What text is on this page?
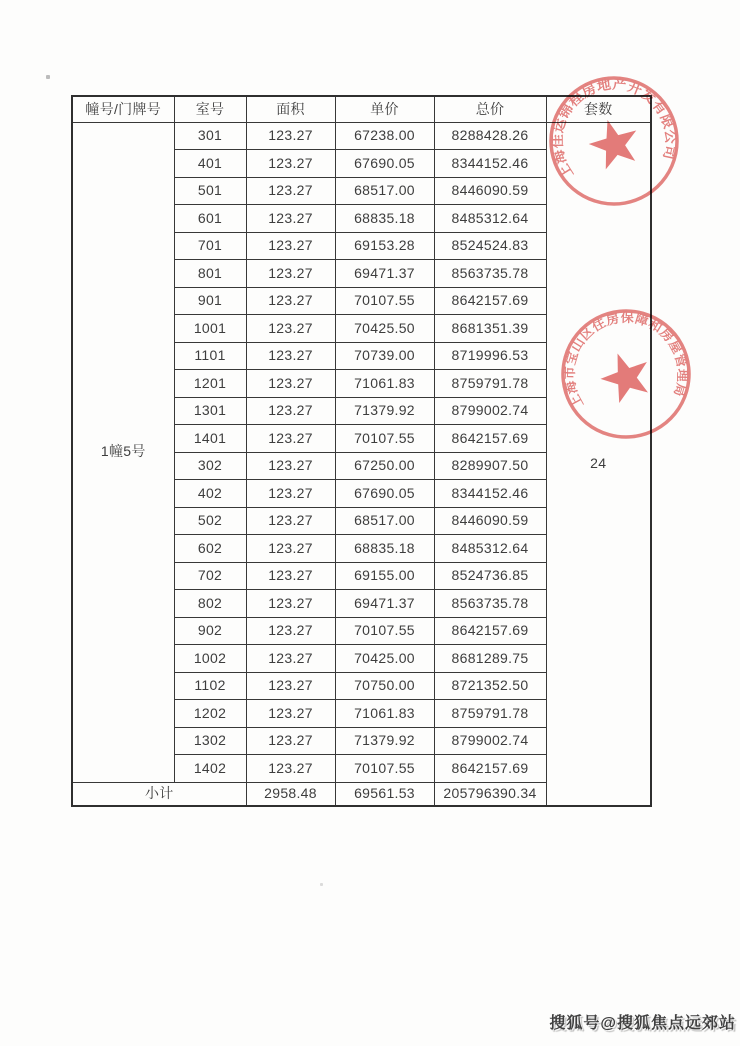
幢号/门牌号	室号	面积	单价	总价	套数
1幢5号	301	123.27	67238.00	8288428.26	24
	401	123.27	67690.05	8344152.46	
	501	123.27	68517.00	8446090.59	
	601	123.27	68835.18	8485312.64	
	701	123.27	69153.28	8524524.83	
	801	123.27	69471.37	8563735.78	
	901	123.27	70107.55	8642157.69	
	1001	123.27	70425.50	8681351.39	
	1101	123.27	70739.00	8719996.53	
	1201	123.27	71061.83	8759791.78	
	1301	123.27	71379.92	8799002.74	
	1401	123.27	70107.55	8642157.69	
	302	123.27	67250.00	8289907.50	
	402	123.27	67690.05	8344152.46	
	502	123.27	68517.00	8446090.59	
	602	123.27	68835.18	8485312.64	
	702	123.27	69155.00	8524736.85	
	802	123.27	69471.37	8563735.78	
	902	123.27	70107.55	8642157.69	
	1002	123.27	70425.00	8681289.75	
	1102	123.27	70750.00	8721352.50	
	1202	123.27	71061.83	8759791.78	
	1302	123.27	71379.92	8799002.74	
	1402	123.27	70107.55	8642157.69	
小计		2958.48	69561.53	205796390.34	
上海佳运锦程房地产开发有限公司
上海市宝山区住房保障和房屋管理局
搜狐号@搜狐焦点远郊站
